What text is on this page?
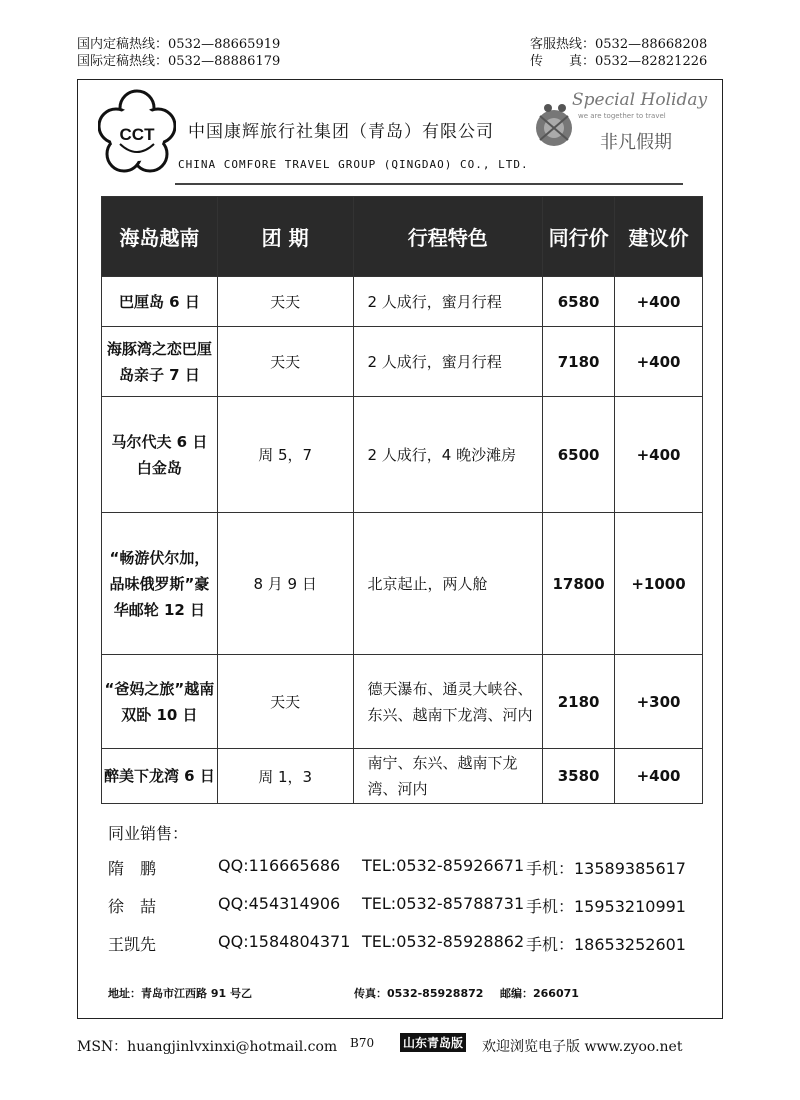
国内定稿热线：0532—88665919
国际定稿热线：0532—88886179
客服热线：0532—88668208
传　　真：0532—82821226
CCT 中国康辉旅行社集团（青岛）有限公司
CHINA COMFORE TRAVEL GROUP (QINGDAO) CO., LTD.
Special Holiday
we are together to travel
非凡假期
海岛越南	团 期	行程特色	同行价	建议价
巴厘岛 6 日	天天	2 人成行，蜜月行程	6580	+400
海豚湾之恋巴厘岛亲子 7 日	天天	2 人成行，蜜月行程	7180	+400
马尔代夫 6 日 白金岛	周 5，7	2 人成行，4 晚沙滩房	6500	+400
“畅游伏尔加，品味俄罗斯”豪华邮轮 12 日	8 月 9 日	北京起止，两人舱	17800	+1000
“爸妈之旅”越南双卧 10 日	天天	德天瀑布、通灵大峡谷、东兴、越南下龙湾、河内	2180	+300
醉美下龙湾 6 日	周 1，3	南宁、东兴、越南下龙湾、河内	3580	+400
同业销售：
隋　鹏	QQ:116665686 TEL:0532-85926671 手机：13589385617
徐　喆	QQ:454314906 TEL:0532-85788731 手机：15953210991
王凯先	QQ:1584804371 TEL:0532-85928862 手机：18653252601
地址：青岛市江西路 91 号乙	传真：0532-85928872 邮编：266071
MSN：huangjinlvxinxi@hotmail.com B70 山东青岛版 欢迎浏览电子版 www.zyoo.net
